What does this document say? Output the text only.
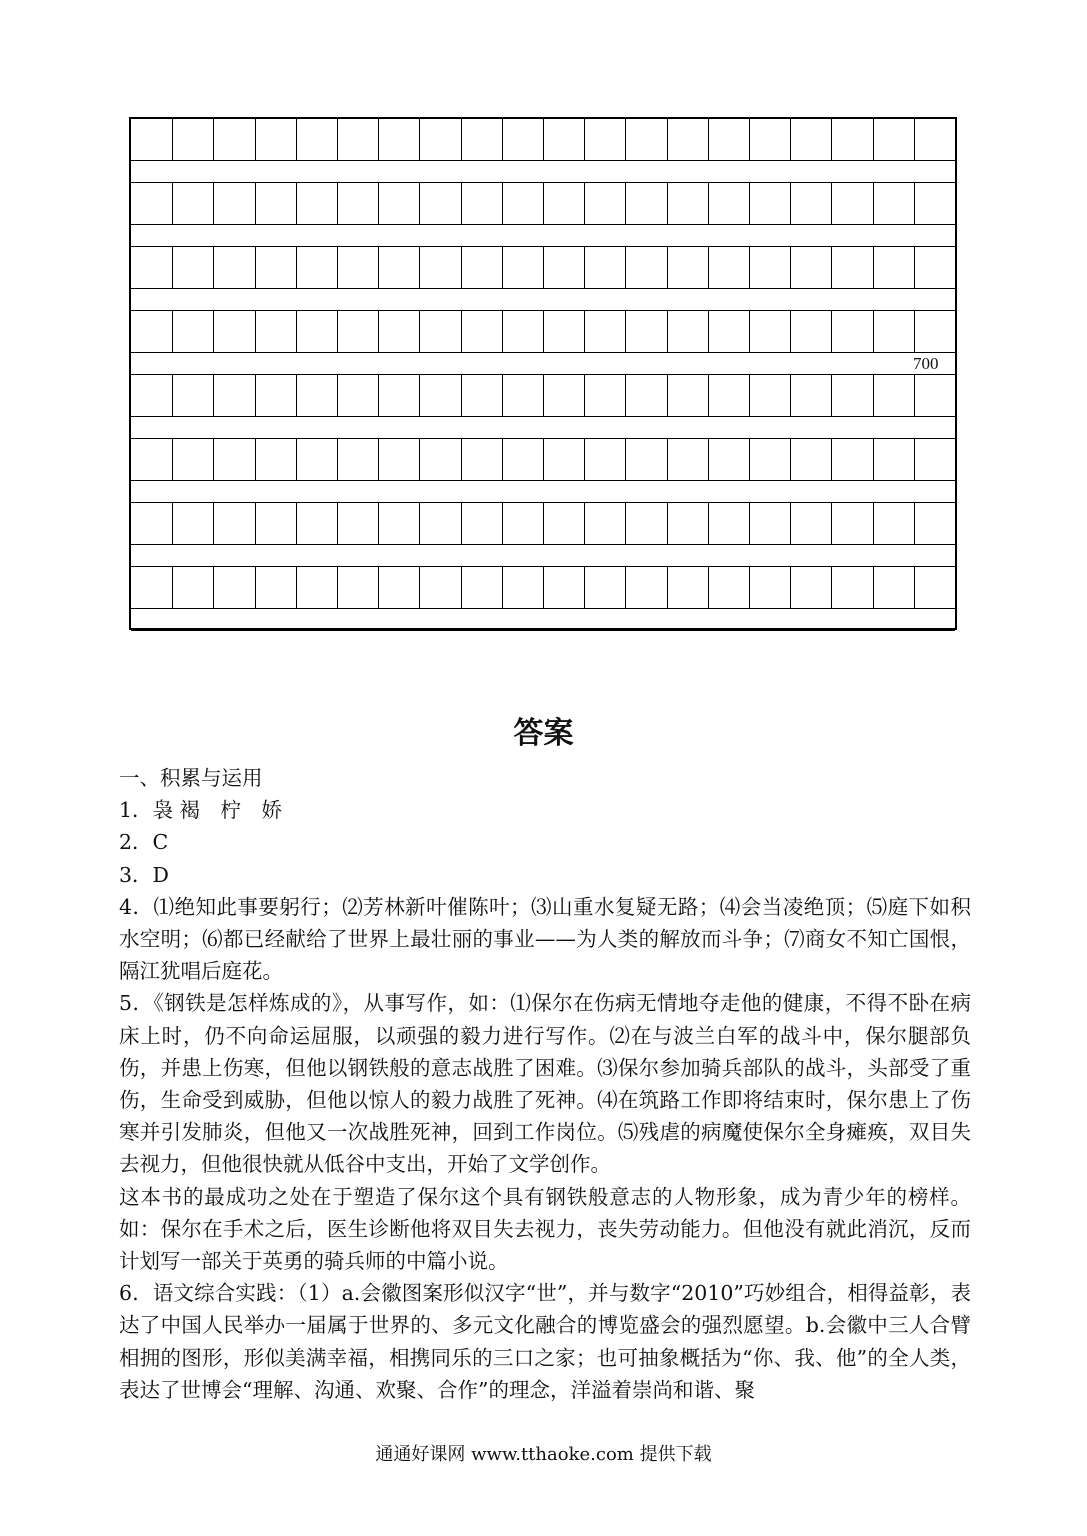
700
答案

一、积累与运用

1．袅 褐　柠　娇

2．C

3．D

4．⑴绝知此事要躬行；⑵芳林新叶催陈叶；⑶山重水复疑无路；⑷会当凌绝顶；⑸庭下如积水空明；⑹都已经献给了世界上最壮丽的事业——为人类的解放而斗争；⑺商女不知亡国恨，隔江犹唱后庭花。

5．《钢铁是怎样炼成的》，从事写作，如：⑴保尔在伤病无情地夺走他的健康，不得不卧在病床上时，仍不向命运屈服，以顽强的毅力进行写作。⑵在与波兰白军的战斗中，保尔腿部负伤，并患上伤寒，但他以钢铁般的意志战胜了困难。⑶保尔参加骑兵部队的战斗，头部受了重伤，生命受到威胁，但他以惊人的毅力战胜了死神。⑷在筑路工作即将结束时，保尔患上了伤寒并引发肺炎，但他又一次战胜死神，回到工作岗位。⑸残虐的病魔使保尔全身瘫痪，双目失去视力，但他很快就从低谷中支出，开始了文学创作。

这本书的最成功之处在于塑造了保尔这个具有钢铁般意志的人物形象，成为青少年的榜样。如：保尔在手术之后，医生诊断他将双目失去视力，丧失劳动能力。但他没有就此消沉，反而计划写一部关于英勇的骑兵师的中篇小说。

6．语文综合实践：（1）a.会徽图案形似汉字“世”，并与数字“2010”巧妙组合，相得益彰，表达了中国人民举办一届属于世界的、多元文化融合的博览盛会的强烈愿望。b.会徽中三人合臂相拥的图形，形似美满幸福，相携同乐的三口之家；也可抽象概括为“你、我、他”的全人类，表达了世博会“理解、沟通、欢聚、合作”的理念，洋溢着崇尚和谐、聚

通通好课网 www.tthaoke.com 提供下载
